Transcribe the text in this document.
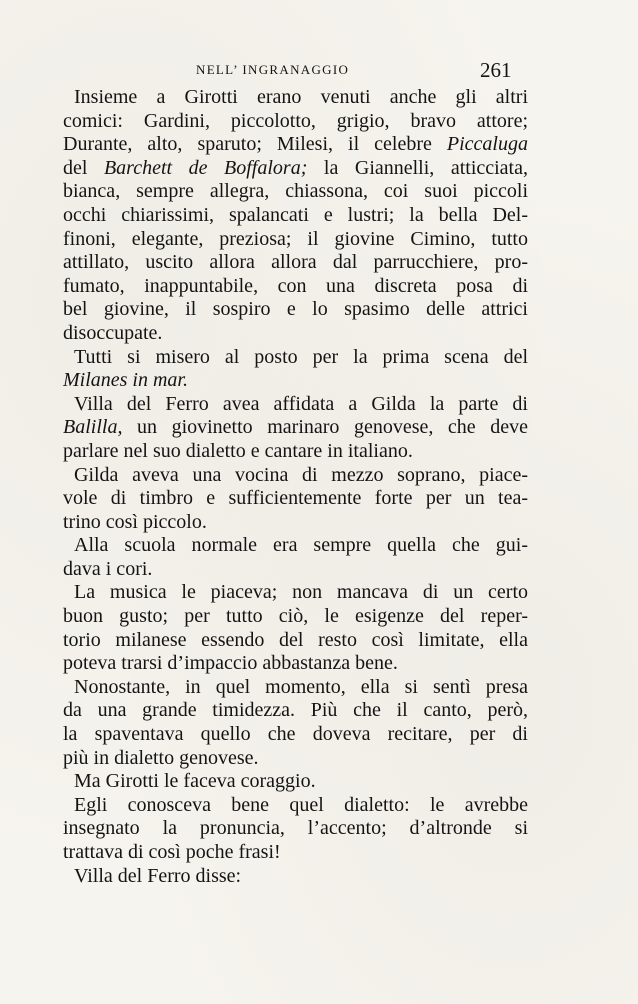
NELL’ INGRANAGGIO	261
Insieme a Girotti erano venuti anche gli altri
comici: Gardini, piccolotto, grigio, bravo attore;
Durante, alto, sparuto; Milesi, il celebre Piccaluga
del Barchett de Boffalora; la Giannelli, atticciata,
bianca, sempre allegra, chiassona, coi suoi piccoli
occhi chiarissimi, spalancati e lustri; la bella Del-
finoni, elegante, preziosa; il giovine Cimino, tutto
attillato, uscito allora allora dal parrucchiere, pro-
fumato, inappuntabile, con una discreta posa di
bel giovine, il sospiro e lo spasimo delle attrici
disoccupate.
Tutti si misero al posto per la prima scena del
Milanes in mar.
Villa del Ferro avea affidata a Gilda la parte di
Balilla, un giovinetto marinaro genovese, che deve
parlare nel suo dialetto e cantare in italiano.
Gilda aveva una vocina di mezzo soprano, piace-
vole di timbro e sufficientemente forte per un tea-
trino così piccolo.
Alla scuola normale era sempre quella che gui-
dava i cori.
La musica le piaceva; non mancava di un certo
buon gusto; per tutto ciò, le esigenze del reper-
torio milanese essendo del resto così limitate, ella
poteva trarsi d’impaccio abbastanza bene.
Nonostante, in quel momento, ella si sentì presa
da una grande timidezza. Più che il canto, però,
la spaventava quello che doveva recitare, per di
più in dialetto genovese.
Ma Girotti le faceva coraggio.
Egli conosceva bene quel dialetto: le avrebbe
insegnato la pronuncia, l’accento; d’altronde si
trattava di così poche frasi!
Villa del Ferro disse:
